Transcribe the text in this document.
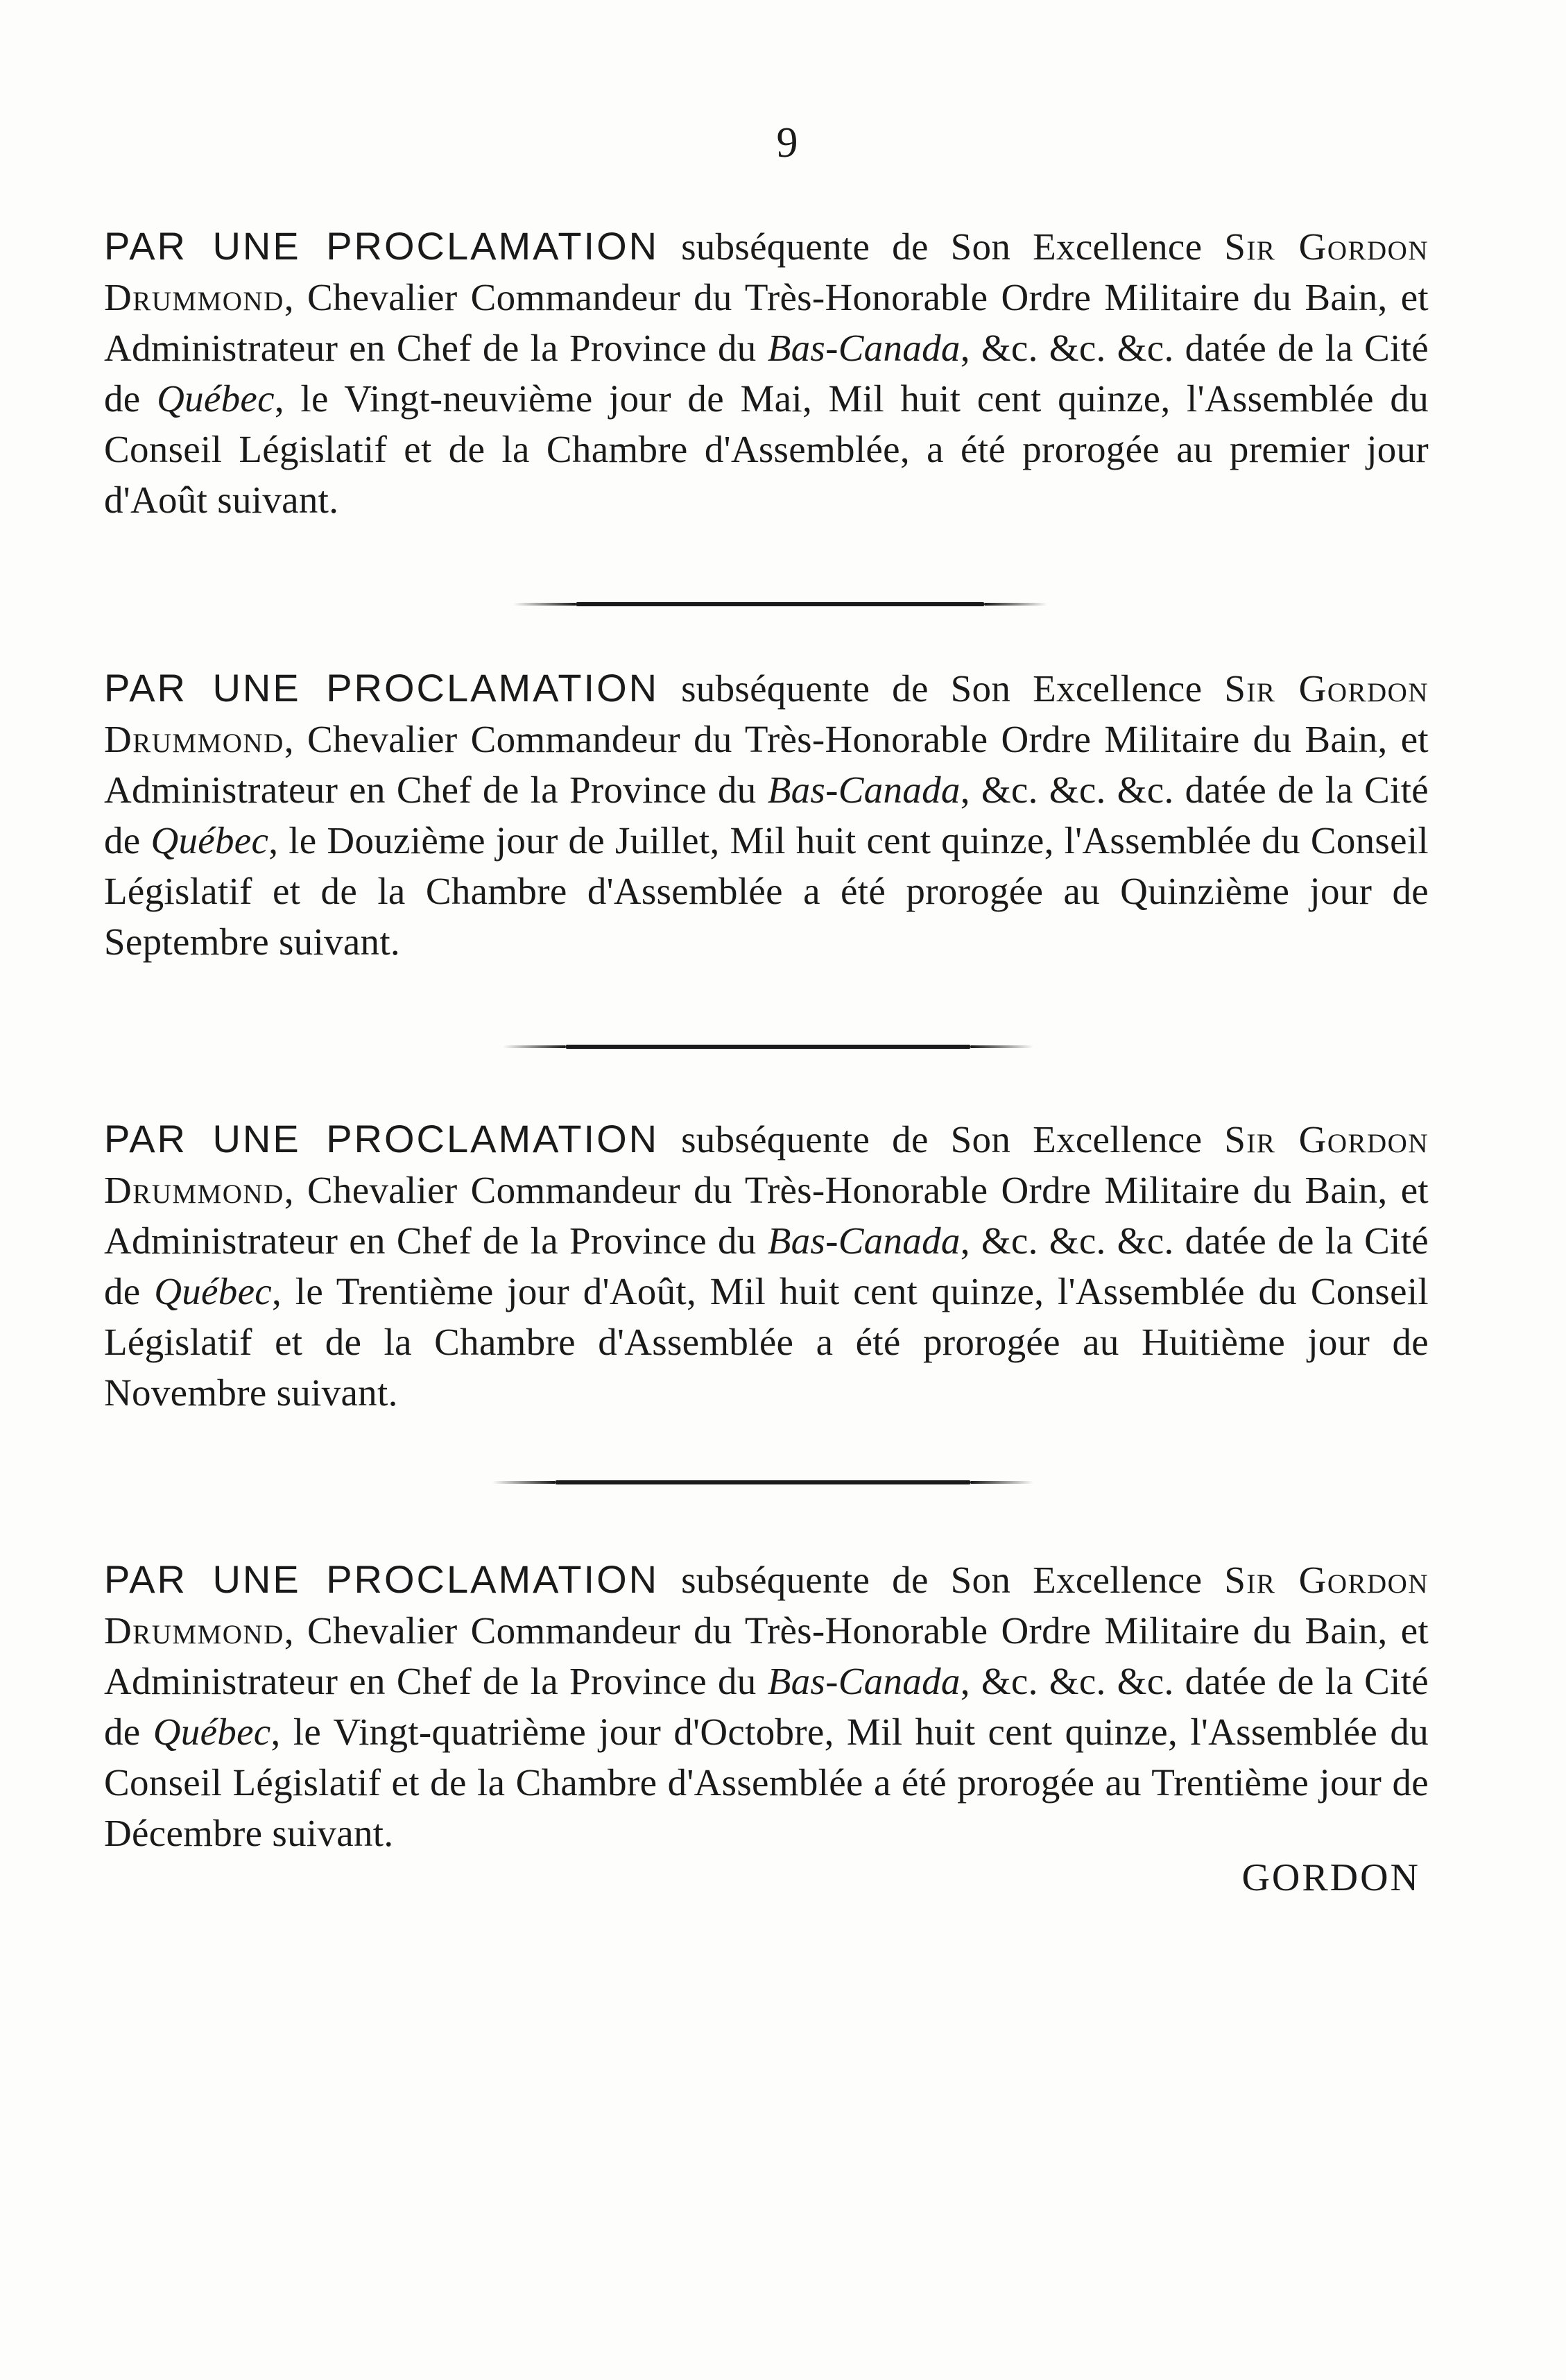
9

PAR UNE PROCLAMATION subséquente de Son Excellence Sir Gordon Drummond, Chevalier Commandeur du Très-Honorable Ordre Militaire du Bain, et Administrateur en Chef de la Province du Bas-Canada, &c. &c. &c. datée de la Cité de Québec, le Vingt-neuvième jour de Mai, Mil huit cent quinze, l'Assemblée du Conseil Législatif et de la Chambre d'Assemblée, a été prorogée au premier jour d'Août suivant.

PAR UNE PROCLAMATION subséquente de Son Excellence Sir Gordon Drummond, Chevalier Commandeur du Très-Honorable Ordre Militaire du Bain, et Administrateur en Chef de la Province du Bas-Canada, &c. &c. &c. datée de la Cité de Québec, le Douzième jour de Juillet, Mil huit cent quinze, l'Assemblée du Conseil Législatif et de la Chambre d'Assemblée a été prorogée au Quinzième jour de Septembre suivant.

PAR UNE PROCLAMATION subséquente de Son Excellence Sir Gordon Drummond, Chevalier Commandeur du Très-Honorable Ordre Militaire du Bain, et Administrateur en Chef de la Province du Bas-Canada, &c. &c. &c. datée de la Cité de Québec, le Trentième jour d'Août, Mil huit cent quinze, l'Assemblée du Conseil Législatif et de la Chambre d'Assemblée a été prorogée au Huitième jour de Novembre suivant.

PAR UNE PROCLAMATION subséquente de Son Excellence Sir Gordon Drummond, Chevalier Commandeur du Très-Honorable Ordre Militaire du Bain, et Administrateur en Chef de la Province du Bas-Canada, &c. &c. &c. datée de la Cité de Québec, le Vingt-quatrième jour d'Octobre, Mil huit cent quinze, l'Assemblée du Conseil Législatif et de la Chambre d'Assemblée a été prorogée au Trentième jour de Décembre suivant.

GORDON
